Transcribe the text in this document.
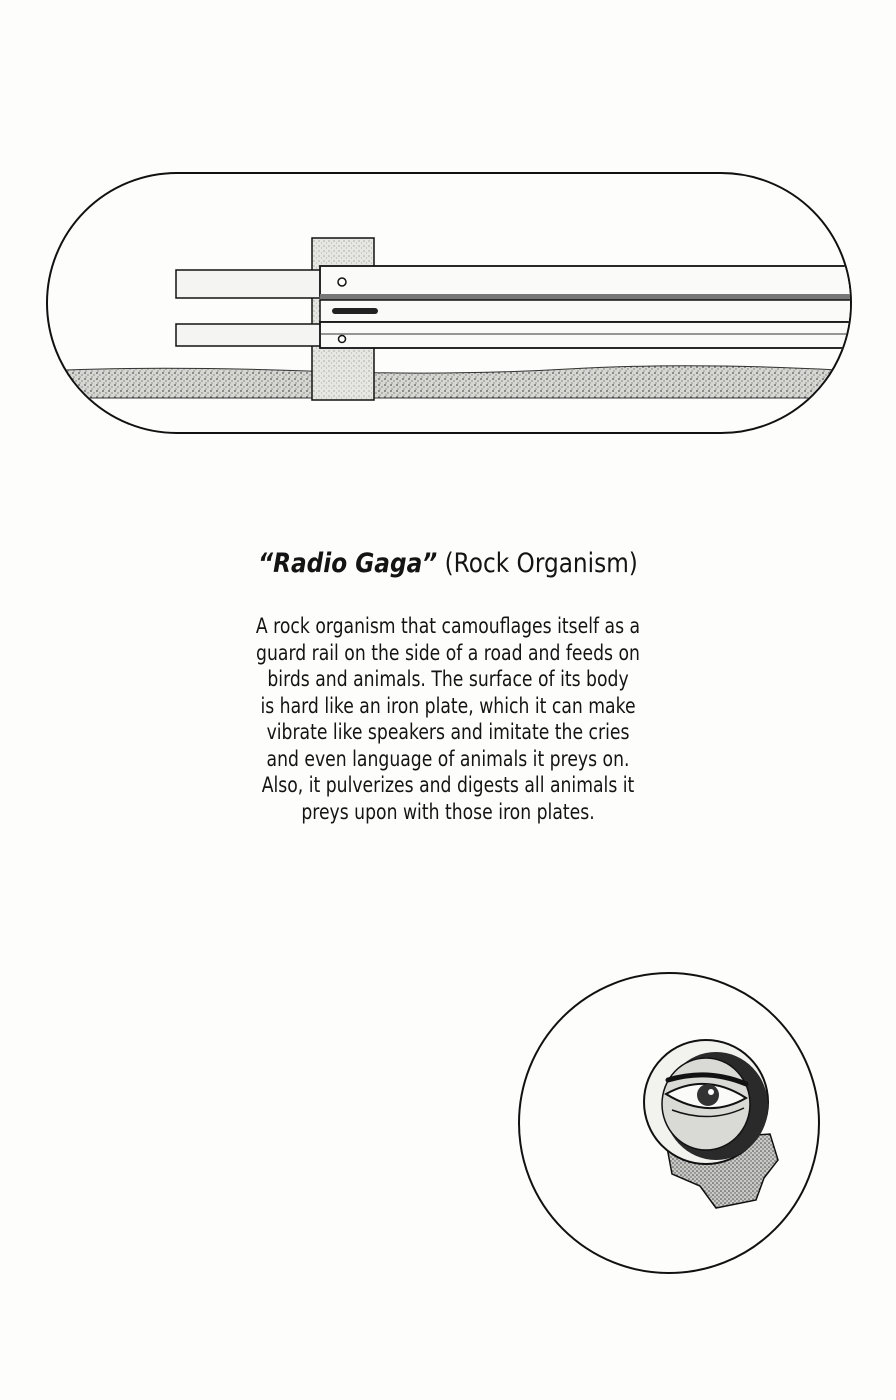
“Radio Gaga” (Rock Organism)
A rock organism that camouflages itself as a
guard rail on the side of a road and feeds on
birds and animals. The surface of its body
is hard like an iron plate, which it can make
vibrate like speakers and imitate the cries
and even language of animals it preys on.
Also, it pulverizes and digests all animals it
preys upon with those iron plates.
